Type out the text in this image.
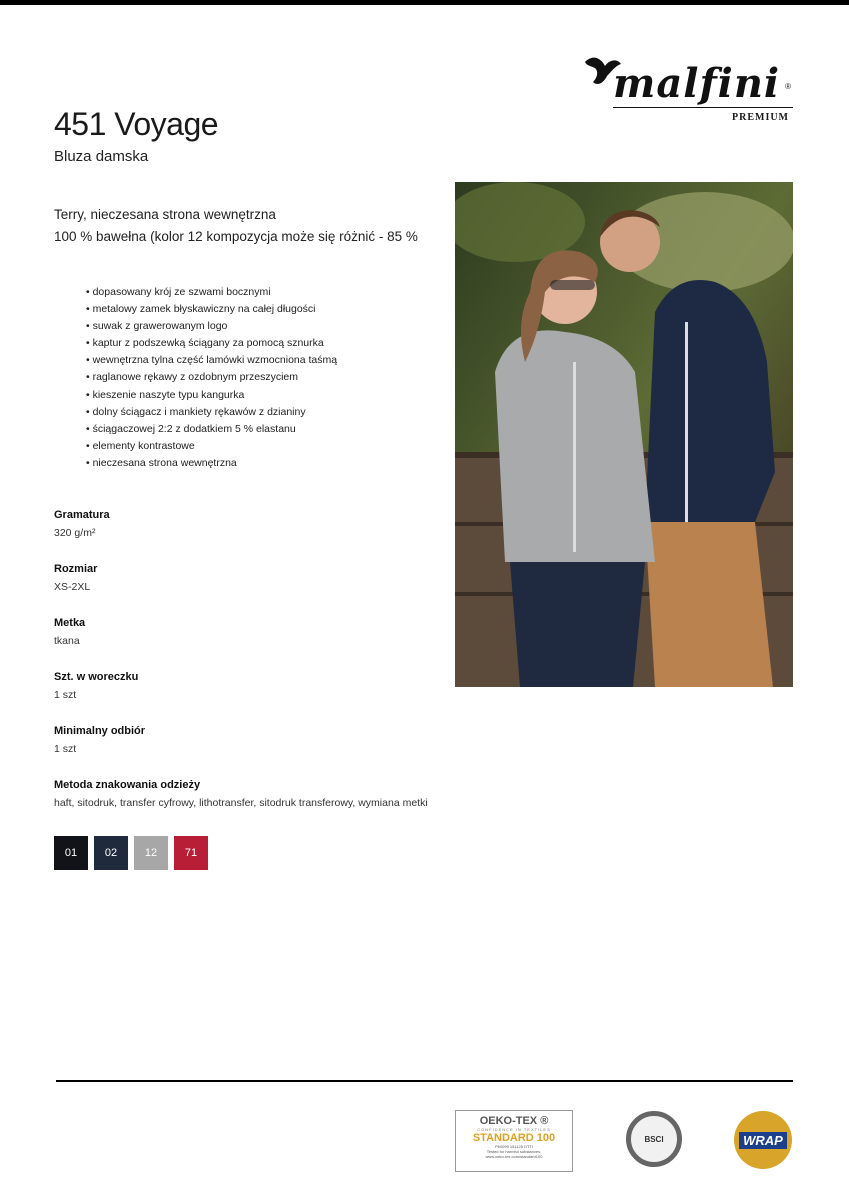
malfini ®
PREMIUM
451 Voyage
Bluza damska
Terry, nieczesana strona wewnętrzna
100 % bawełna (kolor 12 kompozycja może się różnić - 85 %
• dopasowany krój ze szwami bocznymi
• metalowy zamek błyskawiczny na całej długości
• suwak z grawerowanym logo
• kaptur z podszewką ściągany za pomocą sznurka
• wewnętrzna tylna część lamówki wzmocniona taśmą
• raglanowe rękawy z ozdobnym przeszyciem
• kieszenie naszyte typu kangurka
• dolny ściągacz i mankiety rękawów z dzianiny
• ściągaczowej 2:2 z dodatkiem 5 % elastanu
• elementy kontrastowe
• nieczesana strona wewnętrzna
Gramatura
320 g/m²
Rozmiar
XS-2XL
Metka
tkana
Szt. w woreczku
1 szt
Minimalny odbiór
1 szt
Metoda znakowania odzieży
haft, sitodruk, transfer cyfrowy, lithotransfer, sitodruk transferowy, wymiana metki
01	02	12	71
OEKO-TEX ®
CONFIDENCE IN TEXTILES
STANDARD 100
P60099 151125 DTTI
Tested for harmful substances.
www.oeko-tex.com/standard100
BSCI	WRAP
